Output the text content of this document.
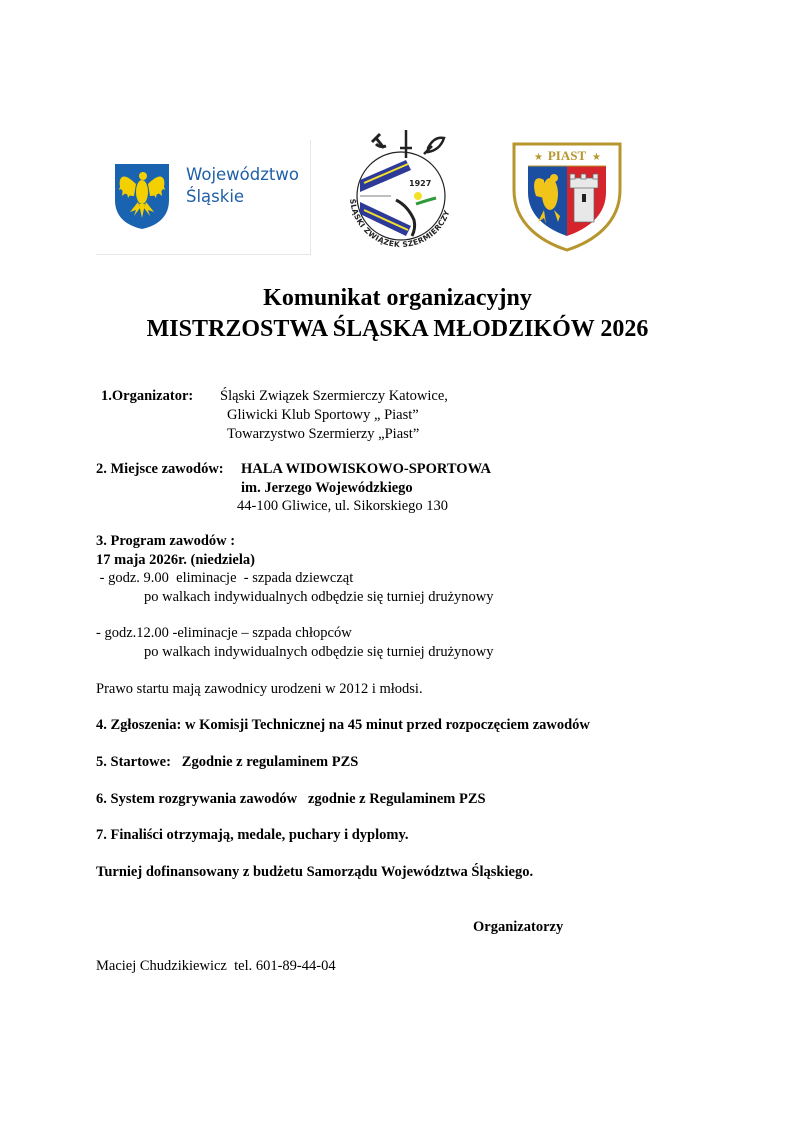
Województwo
Śląskie
1927
ŚLĄSKI ZWIĄZEK SZERMIERCZY
PIAST
★	★
Komunikat organizacyjny
MISTRZOSTWA ŚLĄSKA MŁODZIKÓW 2026
1.Organizator: Śląski Związek Szermierczy Katowice,
Gliwicki Klub Sportowy „ Piast”
Towarzystwo Szermierzy „Piast”
2. Miejsce zawodów: HALA WIDOWISKOWO-SPORTOWA
im. Jerzego Wojewódzkiego
44-100 Gliwice, ul. Sikorskiego 130
3. Program zawodów :
17 maja 2026r. (niedziela)
- godz. 9.00  eliminacje  - szpada dziewcząt
po walkach indywidualnych odbędzie się turniej drużynowy
- godz.12.00 -eliminacje – szpada chłopców
po walkach indywidualnych odbędzie się turniej drużynowy
Prawo startu mają zawodnicy urodzeni w 2012 i młodsi.
4. Zgłoszenia: w Komisji Technicznej na 45 minut przed rozpoczęciem zawodów
5. Startowe:   Zgodnie z regulaminem PZS
6. System rozgrywania zawodów   zgodnie z Regulaminem PZS
7. Finaliści otrzymają, medale, puchary i dyplomy.
Turniej dofinansowany z budżetu Samorządu Województwa Śląskiego.
Organizatorzy
Maciej Chudzikiewicz  tel. 601-89-44-04
